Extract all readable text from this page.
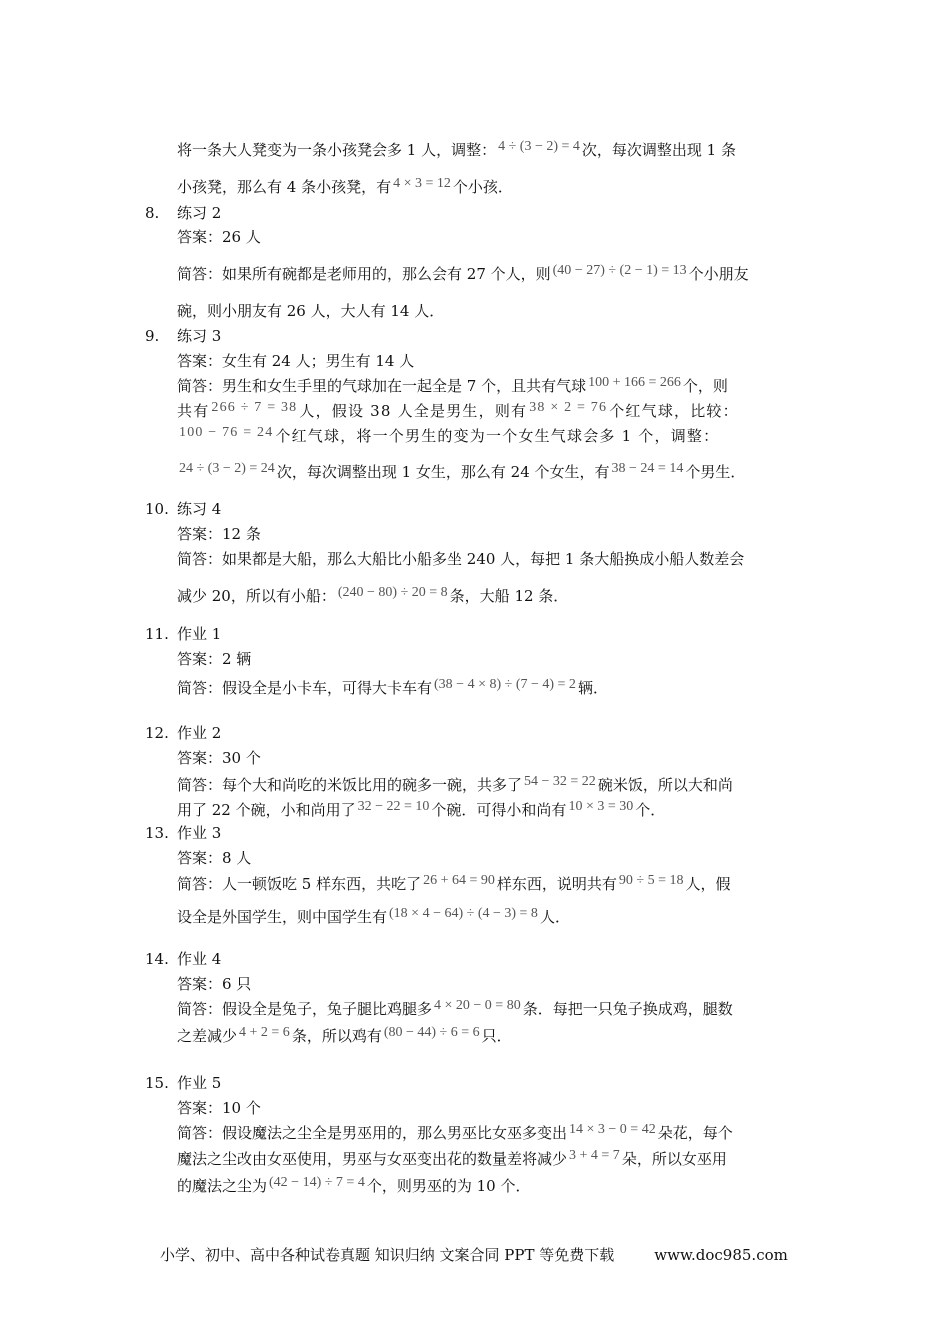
将一条大人凳变为一条小孩凳会多 1 人，调整： 4 ÷ (3 − 2) = 4 次，每次调整出现 1 条
小孩凳，那么有 4 条小孩凳，有 4 × 3 = 12 个小孩．
8. 练习 2
答案：26 人
简答：如果所有碗都是老师用的，那么会有 27 个人，则 (40 − 27) ÷ (2 − 1) = 13 个小朋友
碗，则小朋友有 26 人，大人有 14 人．
9. 练习 3
答案：女生有 24 人；男生有 14 人
简答：男生和女生手里的气球加在一起全是 7 个，且共有气球 100 + 166 = 266 个，则
共有 266 ÷ 7 = 38 人，假设 38 人全是男生，则有 38 × 2 = 76 个红气球，比较：
100 − 76 = 24 个红气球，将一个男生的变为一个女生气球会多 1 个，调整：
24 ÷ (3 − 2) = 24 次，每次调整出现 1 女生，那么有 24 个女生，有 38 − 24 = 14 个男生．
10. 练习 4
答案：12 条
简答：如果都是大船，那么大船比小船多坐 240 人，每把 1 条大船换成小船人数差会
减少 20，所以有小船： (240 − 80) ÷ 20 = 8 条，大船 12 条．
11. 作业 1
答案：2 辆
简答：假设全是小卡车，可得大卡车有 (38 − 4 × 8) ÷ (7 − 4) = 2 辆．
12. 作业 2
答案：30 个
简答：每个大和尚吃的米饭比用的碗多一碗，共多了 54 − 32 = 22 碗米饭，所以大和尚
用了 22 个碗，小和尚用了 32 − 22 = 10 个碗．可得小和尚有 10 × 3 = 30 个．
13. 作业 3
答案：8 人
简答：人一顿饭吃 5 样东西，共吃了 26 + 64 = 90 样东西，说明共有 90 ÷ 5 = 18 人，假
设全是外国学生，则中国学生有 (18 × 4 − 64) ÷ (4 − 3) = 8 人．
14. 作业 4
答案：6 只
简答：假设全是兔子，兔子腿比鸡腿多 4 × 20 − 0 = 80 条．每把一只兔子换成鸡，腿数
之差减少 4 + 2 = 6 条，所以鸡有 (80 − 44) ÷ 6 = 6 只．
15. 作业 5
答案：10 个
简答：假设魔法之尘全是男巫用的，那么男巫比女巫多变出 14 × 3 − 0 = 42 朵花，每个
魔法之尘改由女巫使用，男巫与女巫变出花的数量差将减少 3 + 4 = 7 朵，所以女巫用
的魔法之尘为 (42 − 14) ÷ 7 = 4 个，则男巫的为 10 个．
小学、初中、高中各种试卷真题 知识归纳 文案合同 PPT 等免费下载	www.doc985.com
